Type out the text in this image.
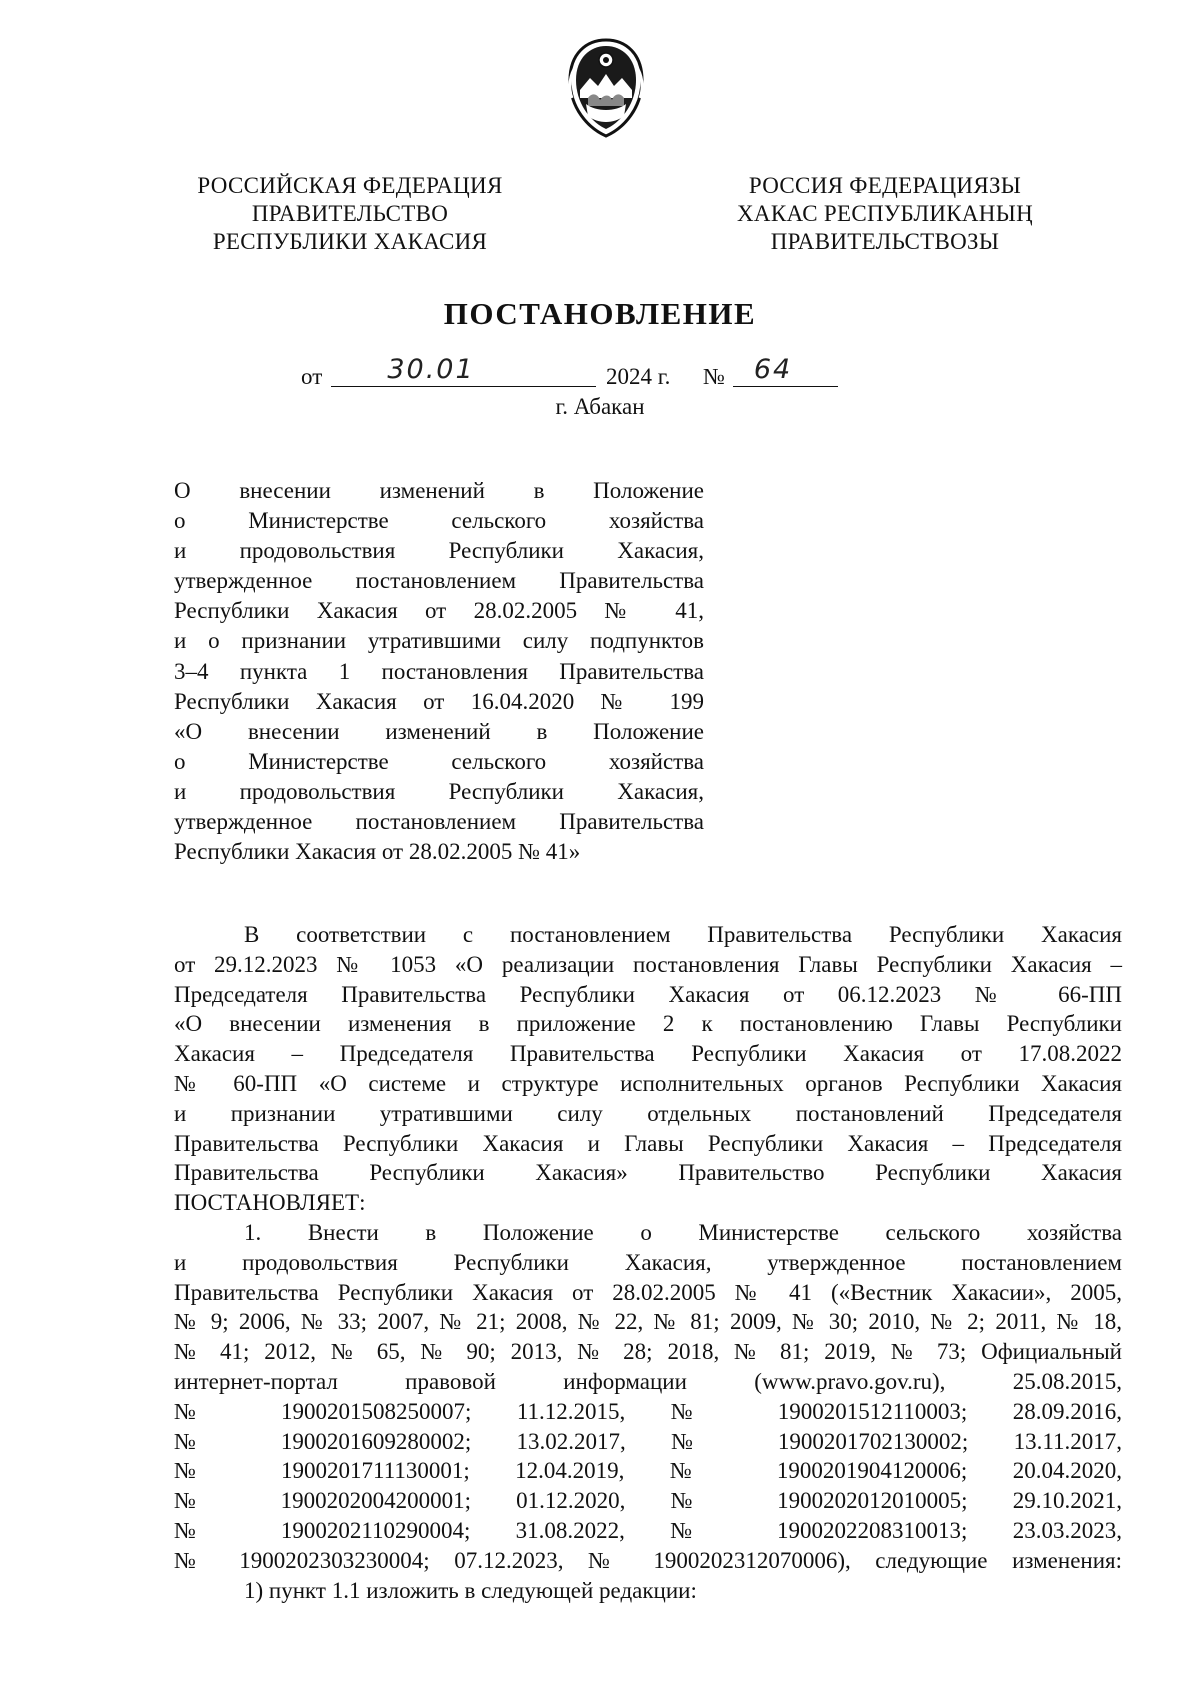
РОССИЙСКАЯ ФЕДЕРАЦИЯ
ПРАВИТЕЛЬСТВО
РЕСПУБЛИКИ ХАКАСИЯ
РОССИЯ ФЕДЕРАЦИЯЗЫ
ХАКАС РЕСПУБЛИКАНЫҢ
ПРАВИТЕЛЬСТВОЗЫ
ПОСТАНОВЛЕНИЕ
от	30.01	2024 г. №	64
г. Абакан
О внесении изменений в Положение
о Министерстве сельского хозяйства
и продовольствия Республики Хакасия,
утвержденное постановлением Правительства
Республики Хакасия от 28.02.2005 № 41,
и о признании утратившими силу подпунктов
3–4 пункта 1 постановления Правительства
Республики Хакасия от 16.04.2020 № 199
«О внесении изменений в Положение
о Министерстве сельского хозяйства
и продовольствия Республики Хакасия,
утвержденное постановлением Правительства
Республики Хакасия от 28.02.2005 № 41»
В соответствии с постановлением Правительства Республики Хакасия
от 29.12.2023 № 1053 «О реализации постановления Главы Республики Хакасия –
Председателя Правительства Республики Хакасия от 06.12.2023 № 66-ПП
«О внесении изменения в приложение 2 к постановлению Главы Республики
Хакасия – Председателя Правительства Республики Хакасия от 17.08.2022
№ 60-ПП «О системе и структуре исполнительных органов Республики Хакасия
и признании утратившими силу отдельных постановлений Председателя
Правительства Республики Хакасия и Главы Республики Хакасия – Председателя
Правительства Республики Хакасия» Правительство Республики Хакасия
ПОСТАНОВЛЯЕТ:
1. Внести в Положение о Министерстве сельского хозяйства
и продовольствия Республики Хакасия, утвержденное постановлением
Правительства Республики Хакасия от 28.02.2005 № 41 («Вестник Хакасии», 2005,
№ 9; 2006, № 33; 2007, № 21; 2008, № 22, № 81; 2009, № 30; 2010, № 2; 2011, № 18,
№ 41; 2012, № 65, № 90; 2013, № 28; 2018, № 81; 2019, № 73; Официальный
интернет-портал правовой информации (www.pravo.gov.ru), 25.08.2015,
№ 1900201508250007; 11.12.2015, № 1900201512110003; 28.09.2016,
№ 1900201609280002; 13.02.2017, № 1900201702130002; 13.11.2017,
№ 1900201711130001; 12.04.2019, № 1900201904120006; 20.04.2020,
№ 1900202004200001; 01.12.2020, № 1900202012010005; 29.10.2021,
№ 1900202110290004; 31.08.2022, № 1900202208310013; 23.03.2023,
№ 1900202303230004; 07.12.2023, № 1900202312070006), следующие изменения:
1) пункт 1.1 изложить в следующей редакции:
